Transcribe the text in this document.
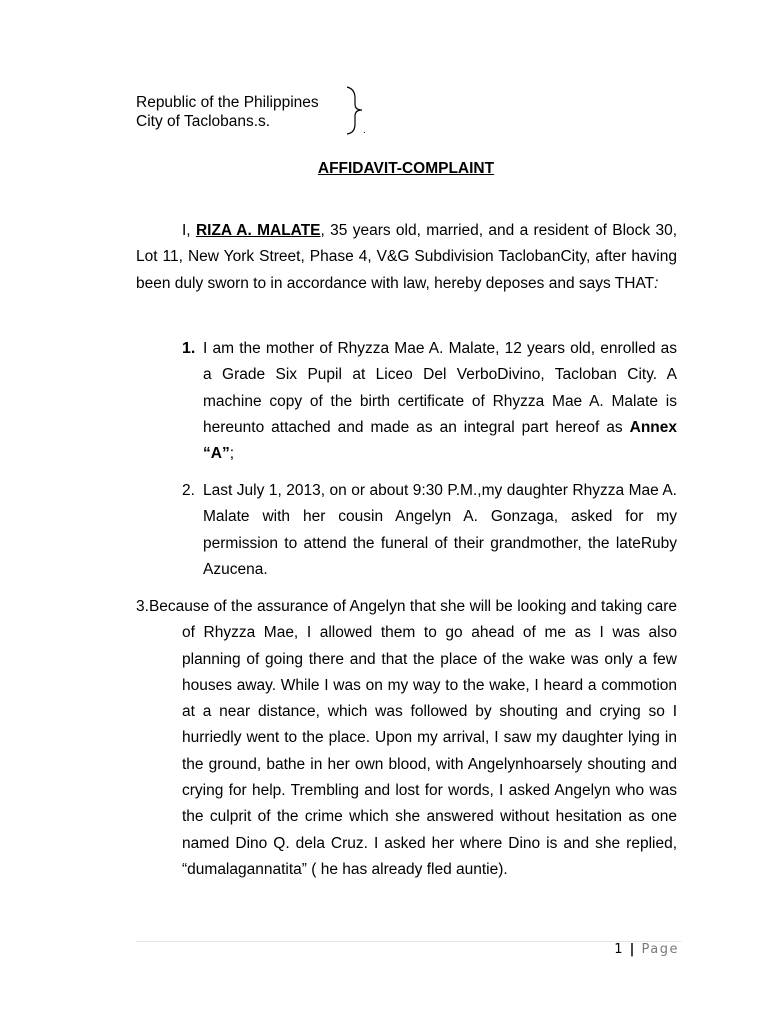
Republic of the Philippines
City of Taclobans.s.
.
AFFIDAVIT-COMPLAINT
I, RIZA A. MALATE, 35 years old, married, and a resident of Block 30, Lot 11, New York Street, Phase 4, V&G Subdivision TaclobanCity, after having been duly sworn to in accordance with law, hereby deposes and says THAT:
1. I am the mother of Rhyzza Mae A. Malate, 12 years old, enrolled as a Grade Six Pupil at Liceo Del VerboDivino, Tacloban City. A machine copy of the birth certificate of Rhyzza Mae A. Malate is hereunto attached and made as an integral part hereof as Annex “A”;
2. Last July 1, 2013, on or about 9:30 P.M.,my daughter Rhyzza Mae A. Malate with her cousin Angelyn A. Gonzaga, asked for my permission to attend the funeral of their grandmother, the lateRuby Azucena.
3.Because of the assurance of Angelyn that she will be looking and taking care of Rhyzza Mae, I allowed them to go ahead of me as I was also planning of going there and that the place of the wake was only a few houses away. While I was on my way to the wake, I heard a commotion at a near distance, which was followed by shouting and crying so I hurriedly went to the place. Upon my arrival, I saw my daughter lying in the ground, bathe in her own blood, with Angelynhoarsely shouting and crying for help. Trembling and lost for words, I asked Angelyn who was the culprit of the crime which she answered without hesitation as one named Dino Q. dela Cruz. I asked her where Dino is and she replied, “dumalagannatita” ( he has already fled auntie).
1 | Page
